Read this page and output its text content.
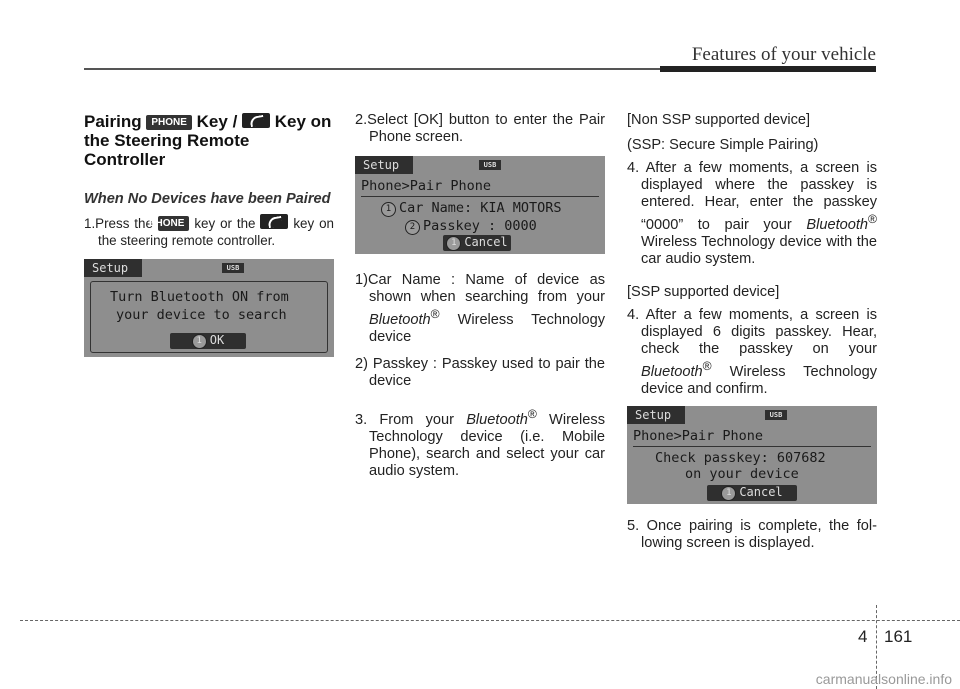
Features of your vehicle
Pairing PHONE Key / Key on the Steering Remote Controller
When No Devices have been Paired

1.Press the PHONE key or the	key on the steering remote controller.

Setup	USB
Turn Bluetooth ON from
your device to search
1 OK

2.Select [OK] button to enter the Pair Phone screen.

Setup	USB
Phone>Pair Phone
1 Car Name: KIA MOTORS
2 Passkey : 0000
1 Cancel

1)Car Name : Name of device as shown when searching from your Bluetooth® Wireless Technology device

2) Passkey : Passkey used to pair the device

3. From your Bluetooth® Wireless Technology device (i.e. Mobile Phone), search and select your car audio system.

[Non SSP supported device]

(SSP: Secure Simple Pairing)

4. After a few moments, a screen is displayed where the passkey is entered. Hear, enter the passkey “0000” to pair your Bluetooth® Wireless Technology device with the car audio system.

[SSP supported device]

4. After a few moments, a screen is displayed 6 digits passkey. Hear, check the passkey on your Bluetooth® Wireless Technology device and confirm.

Setup	USB
Phone>Pair Phone
Check passkey: 607682
on your device
1 Cancel

5. Once pairing is complete, the fol- lowing screen is displayed.

4 161
carmanualsonline.info
